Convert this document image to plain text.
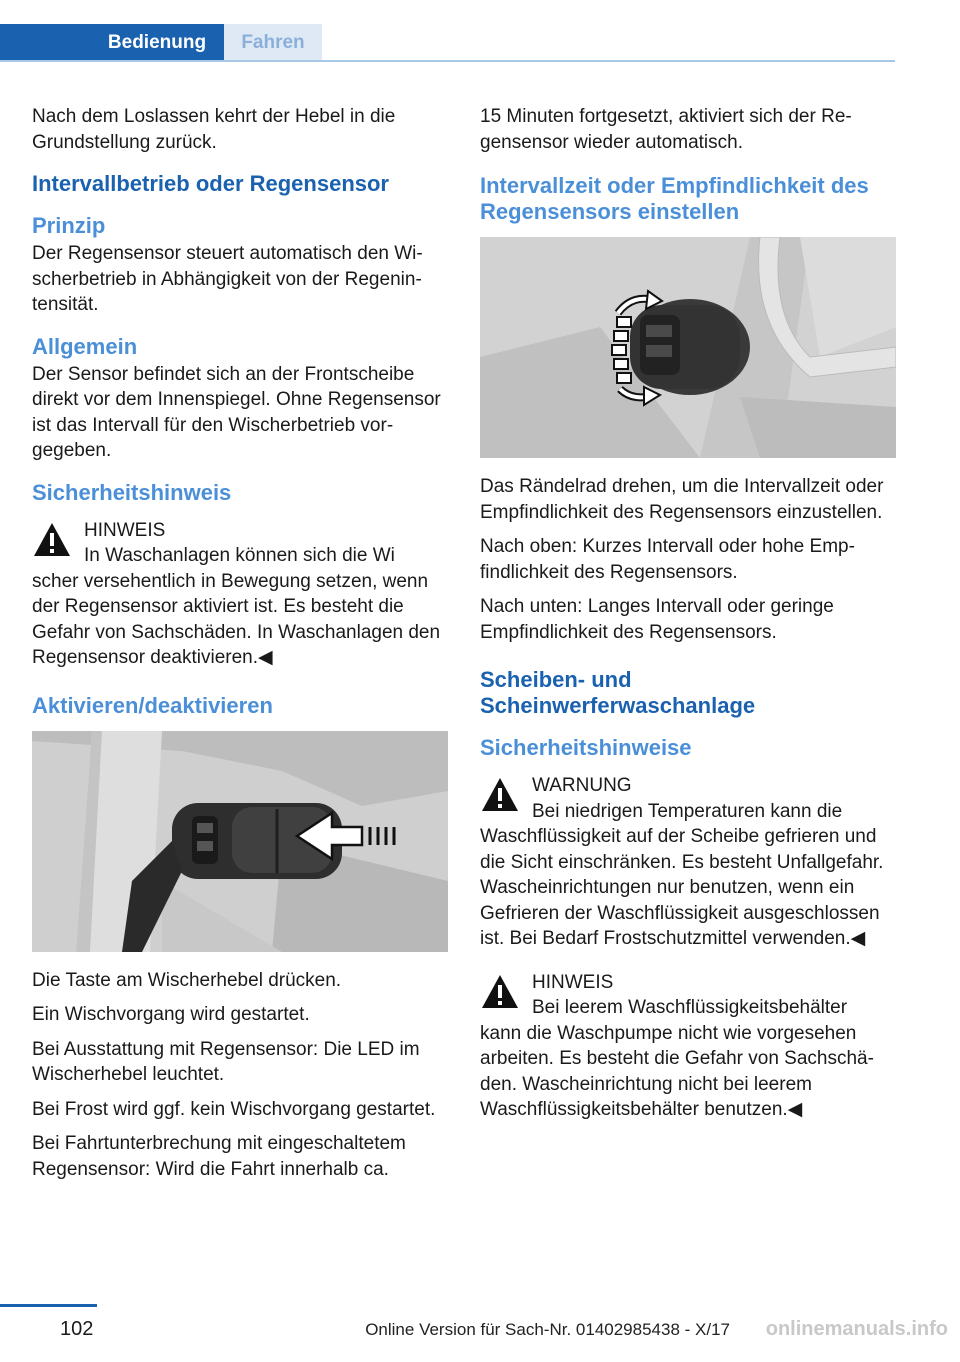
Bedienung Fahren

Nach dem Loslassen kehrt der Hebel in die Grundstellung zurück.

Intervallbetrieb oder Regensensor
Prinzip

Der Regensensor steuert automatisch den Wischerbetrieb in Abhängigkeit von der Regenintensität.

Allgemein

Der Sensor befindet sich an der Frontscheibe direkt vor dem Innenspiegel. Ohne Regensensor ist das Intervall für den Wischerbetrieb vorgegeben.

Sicherheitshinweis
HINWEIS
In Waschanlagen können sich die Wi
scher versehentlich in Bewegung setzen, wenn der Regensensor aktiviert ist. Es besteht die Gefahr von Sachschäden. In Waschanlagen den Regensensor deaktivieren.◀
Aktivieren/deaktivieren

Die Taste am Wischerhebel drücken.

Ein Wischvorgang wird gestartet.

Bei Ausstattung mit Regensensor: Die LED im Wischerhebel leuchtet.

Bei Frost wird ggf. kein Wischvorgang gestartet.

Bei Fahrtunterbrechung mit eingeschaltetem Regensensor: Wird die Fahrt innerhalb ca.

15 Minuten fortgesetzt, aktiviert sich der Regensensor wieder automatisch.

Intervallzeit oder Empfindlichkeit des Regensensors einstellen

Das Rändelrad drehen, um die Intervallzeit oder Empfindlichkeit des Regensensors einzustellen.

Nach oben: Kurzes Intervall oder hohe Empfindlichkeit des Regensensors.

Nach unten: Langes Intervall oder geringe Empfindlichkeit des Regensensors.

Scheiben- und Scheinwerferwaschanlage
Sicherheitshinweise
WARNUNG
Bei niedrigen Temperaturen kann die
Waschflüssigkeit auf der Scheibe gefrieren und die Sicht einschränken. Es besteht Unfallgefahr. Wascheinrichtungen nur benutzen, wenn ein Gefrieren der Waschflüssigkeit ausgeschlossen ist. Bei Bedarf Frostschutzmittel verwenden.◀
HINWEIS
Bei leerem Waschflüssigkeitsbehälter
kann die Waschpumpe nicht wie vorgesehen arbeiten. Es besteht die Gefahr von Sachschäden. Wascheinrichtung nicht bei leerem Waschflüssigkeitsbehälter benutzen.◀
102	Online Version für Sach-Nr. 01402985438 - X/17 onlinemanuals.info
